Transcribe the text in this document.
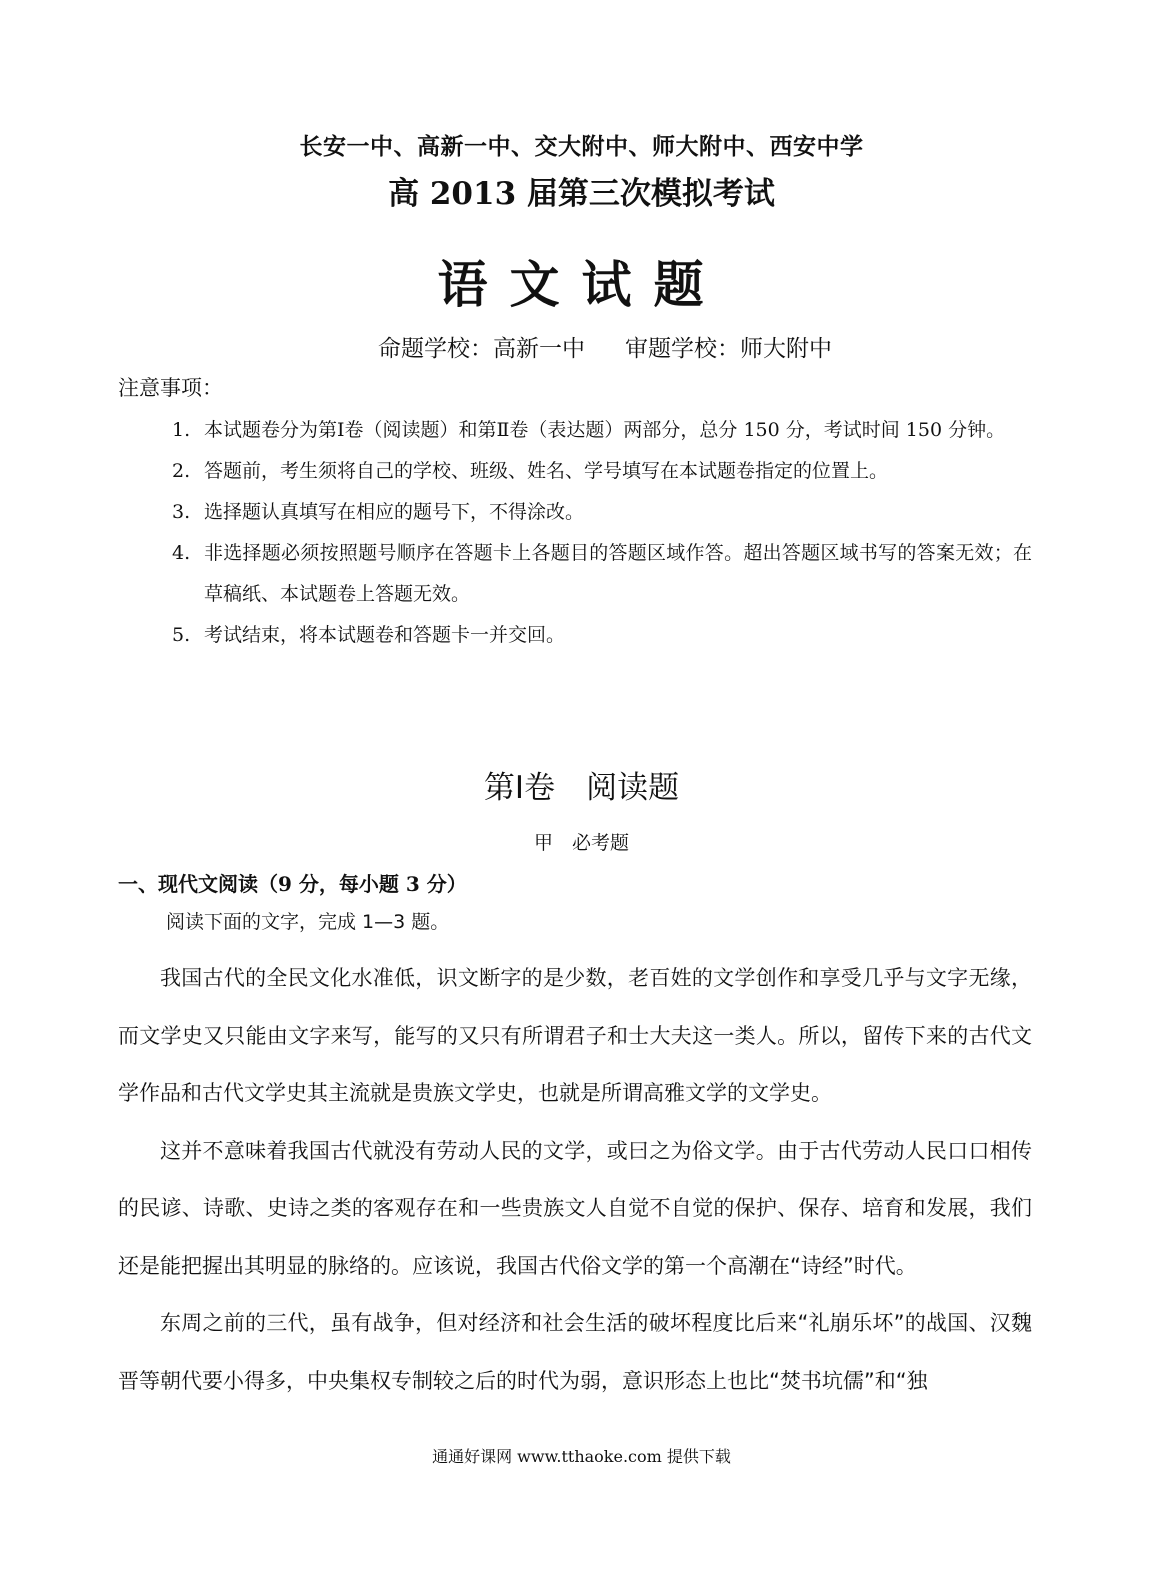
长安一中、高新一中、交大附中、师大附中、西安中学
高 2013 届第三次模拟考试
语文试题
命题学校：高新一中 审题学校：师大附中
注意事项：
1. 本试题卷分为第Ⅰ卷（阅读题）和第Ⅱ卷（表达题）两部分，总分 150 分，考试时间 150 分钟。
2. 答题前，考生须将自己的学校、班级、姓名、学号填写在本试题卷指定的位置上。
3. 选择题认真填写在相应的题号下，不得涂改。
4. 非选择题必须按照题号顺序在答题卡上各题目的答题区域作答。超出答题区域书写的答案无效；在草稿纸、本试题卷上答题无效。
5. 考试结束，将本试题卷和答题卡一并交回。
第Ⅰ卷　阅读题
甲　必考题
一、现代文阅读（9 分，每小题 3 分）
阅读下面的文字，完成 1—3 题。

我国古代的全民文化水准低，识文断字的是少数，老百姓的文学创作和享受几乎与文字无缘，而文学史又只能由文字来写，能写的又只有所谓君子和士大夫这一类人。所以，留传下来的古代文学作品和古代文学史其主流就是贵族文学史，也就是所谓高雅文学的文学史。

这并不意味着我国古代就没有劳动人民的文学，或曰之为俗文学。由于古代劳动人民口口相传的民谚、诗歌、史诗之类的客观存在和一些贵族文人自觉不自觉的保护、保存、培育和发展，我们还是能把握出其明显的脉络的。应该说，我国古代俗文学的第一个高潮在“诗经”时代。

东周之前的三代，虽有战争，但对经济和社会生活的破坏程度比后来“礼崩乐坏”的战国、汉魏晋等朝代要小得多，中央集权专制较之后的时代为弱，意识形态上也比“焚书坑儒”和“独

通通好课网 www.tthaoke.com 提供下载
